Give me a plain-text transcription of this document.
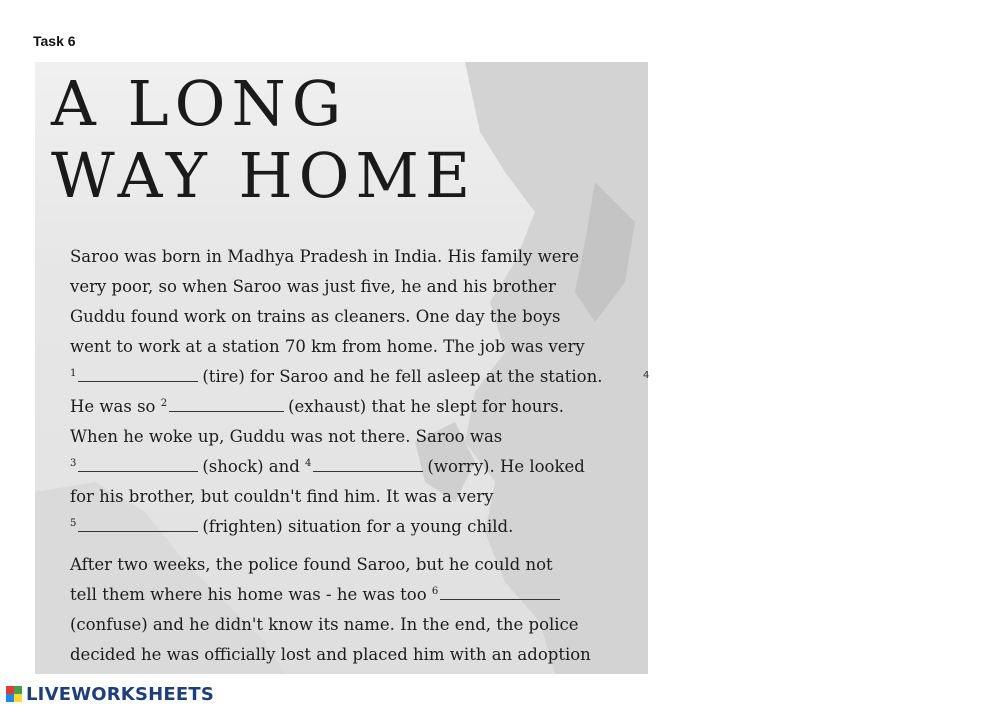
Task 6
A LONG
WAY HOME
Saroo was born in Madhya Pradesh in India. His family were
very poor, so when Saroo was just five, he and his brother
Guddu found work on trains as cleaners. One day the boys
went to work at a station 70 km from home. The job was very
$^1$	(tire) for Saroo and he fell asleep at the station.
He was so $^2$	(exhaust) that he slept for hours.
When he woke up, Guddu was not there. Saroo was
$^3$	(shock) and $^4$	(worry). He looked
for his brother, but couldn't find him. It was a very
$^5$	(frighten) situation for a young child.
After two weeks, the police found Saroo, but he could not
tell them where his home was - he was too $^6$
(confuse) and he didn't know its name. In the end, the police
decided he was officially lost and placed him with an adoption
4
LIVEWORKSHEETS
